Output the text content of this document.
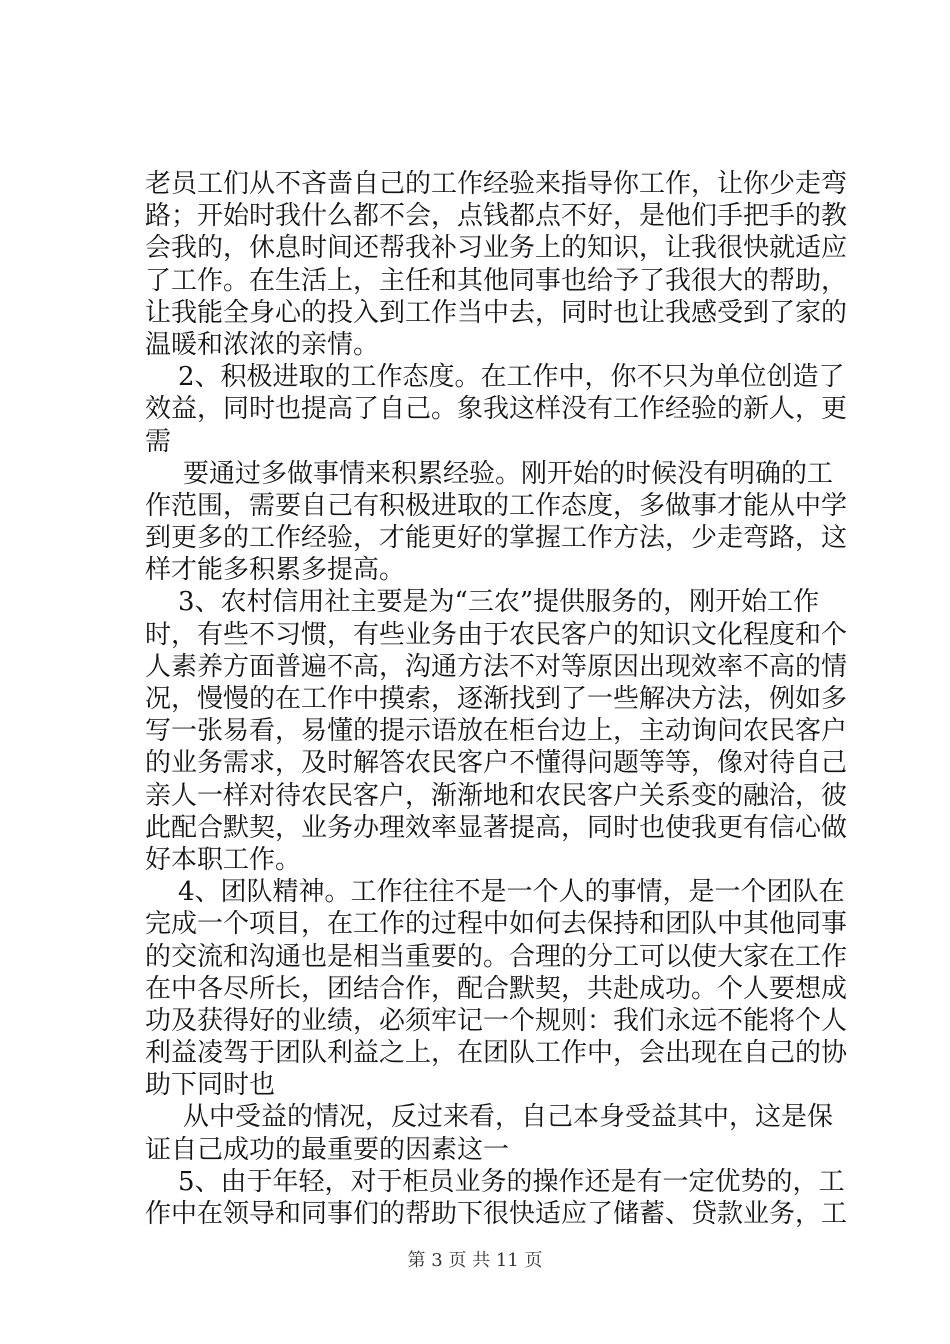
老员工们从不吝啬自己的工作经验来指导你工作，让你少走弯
路；开始时我什么都不会，点钱都点不好，是他们手把手的教
会我的，休息时间还帮我补习业务上的知识，让我很快就适应
了工作。在生活上，主任和其他同事也给予了我很大的帮助，
让我能全身心的投入到工作当中去，同时也让我感受到了家的
温暖和浓浓的亲情。
2、积极进取的工作态度。在工作中，你不只为单位创造了
效益，同时也提高了自己。象我这样没有工作经验的新人，更
需
要通过多做事情来积累经验。刚开始的时候没有明确的工
作范围，需要自己有积极进取的工作态度，多做事才能从中学
到更多的工作经验，才能更好的掌握工作方法，少走弯路，这
样才能多积累多提高。
3、农村信用社主要是为“三农”提供服务的，刚开始工作
时，有些不习惯，有些业务由于农民客户的知识文化程度和个
人素养方面普遍不高，沟通方法不对等原因出现效率不高的情
况，慢慢的在工作中摸索，逐渐找到了一些解决方法，例如多
写一张易看，易懂的提示语放在柜台边上，主动询问农民客户
的业务需求，及时解答农民客户不懂得问题等等，像对待自己
亲人一样对待农民客户，渐渐地和农民客户关系变的融洽，彼
此配合默契，业务办理效率显著提高，同时也使我更有信心做
好本职工作。
4、团队精神。工作往往不是一个人的事情，是一个团队在
完成一个项目，在工作的过程中如何去保持和团队中其他同事
的交流和沟通也是相当重要的。合理的分工可以使大家在工作
在中各尽所长，团结合作，配合默契，共赴成功。个人要想成
功及获得好的业绩，必须牢记一个规则：我们永远不能将个人
利益凌驾于团队利益之上，在团队工作中，会出现在自己的协
助下同时也
从中受益的情况，反过来看，自己本身受益其中，这是保
证自己成功的最重要的因素这一
5、由于年轻，对于柜员业务的操作还是有一定优势的，工
作中在领导和同事们的帮助下很快适应了储蓄、贷款业务，工
第 3 页 共 11 页
